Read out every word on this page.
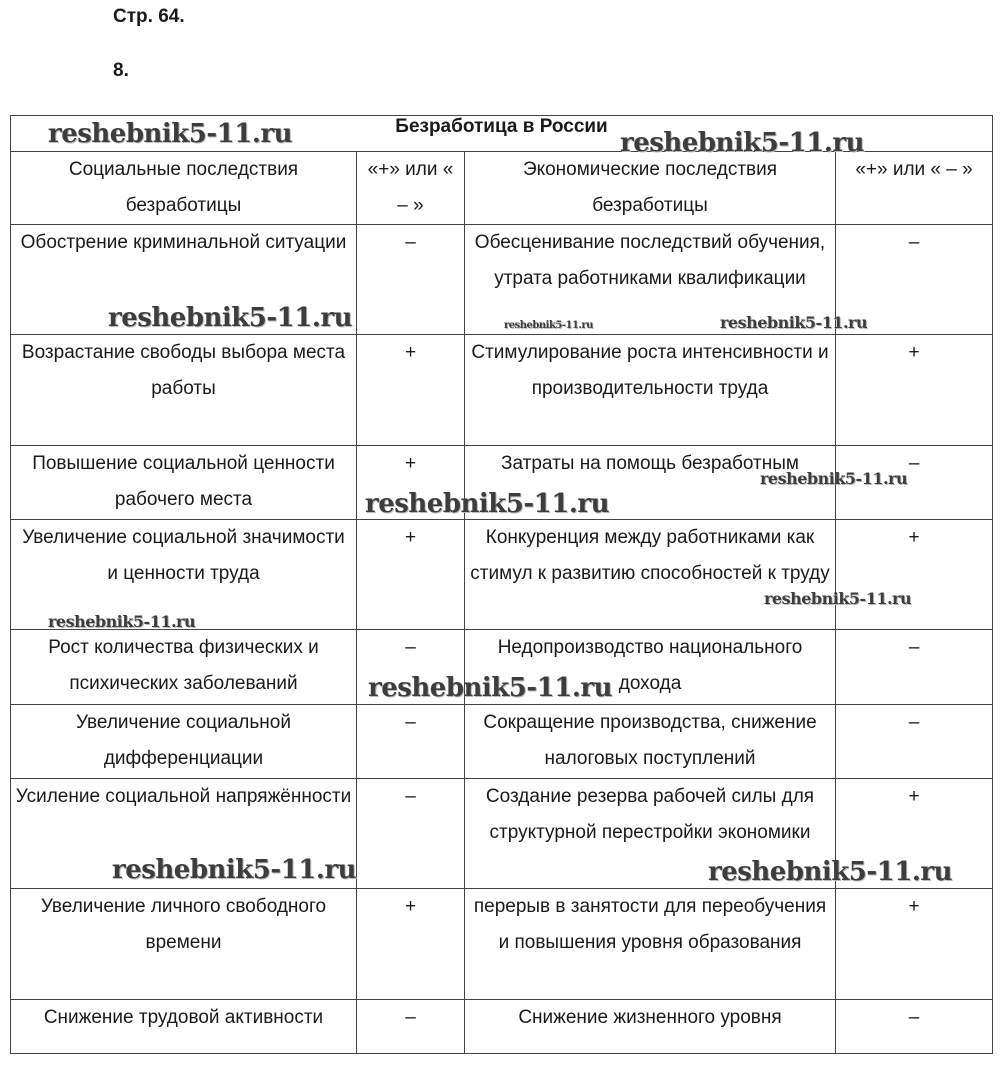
Стр. 64.
8.
Безработица в России			
Социальные последствия безработицы	«+» или « – »	Экономические последствия безработицы	«+» или « – »
Обострение криминальной ситуации	–	Обесценивание последствий обучения, утрата работниками квалификации	–
Возрастание свободы выбора места работы	+	Стимулирование роста интенсивности и производительности труда	+
Повышение социальной ценности рабочего места	+	Затраты на помощь безработным	–
Увеличение социальной значимости и ценности труда	+	Конкуренция между работниками как стимул к развитию способностей к труду	+
Рост количества физических и психических заболеваний	–	Недопроизводство национального дохода	–
Увеличение социальной дифференциации	–	Сокращение производства, снижение налоговых поступлений	–
Усиление социальной напряжённости	–	Создание резерва рабочей силы для структурной перестройки экономики	+
Увеличение личного свободного времени	+	перерыв в занятости для переобучения и повышения уровня образования	+
Снижение трудовой активности	–	Снижение жизненного уровня	–
reshebnik5-11.ru	reshebnik5-11.ru
reshebnik5-11.ru	reshebnik5-11.ru	reshebnik5-11.ru
reshebnik5-11.ru
reshebnik5-11.ru
reshebnik5-11.ru
reshebnik5-11.ru
reshebnik5-11.ru
reshebnik5-11.ru	reshebnik5-11.ru
